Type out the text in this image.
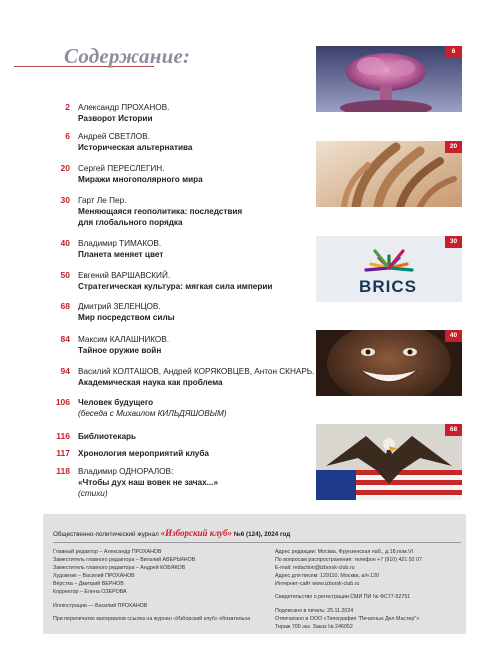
Содержание:
2 Александр ПРОХАНОВ.
Разворот Истории
6 Андрей СВЕТЛОВ.
Историческая альтернатива
20 Сергей ПЕРЕСЛЕГИН.
Миражи многополярного мира
30 Гарт Ле Пер.
Меняющаяся геополитика: последствия
для глобального порядка
40 Владимир ТИМАКОВ.
Планета меняет цвет
50 Евгений ВАРШАВСКИЙ.
Стратегическая культура: мягкая сила империи
68 Дмитрий ЗЕЛЕНЦОВ.
Мир посредством силы
84 Максим КАЛАШНИКОВ.
Тайное оружие войн
94 Василий КОЛТАШОВ, Андрей КОРЯКОВЦЕВ, Антон СКНАРЬ.
Академическая наука как проблема
106 Человек будущего
(беседа с Михаилом КИЛЬДЯШОВЫМ)
116 Библиотекарь
117 Хронология мероприятий клуба
118 Владимир ОДНОРАЛОВ:
«Чтобы дух наш вовек не зачах...»
(стихи)
6
20
BRICS
30
40
68
Общественно-политический журнал «Изборский клуб» №6 (124), 2024 год
Главный редактор – Александр ПРОХАНОВ
Заместитель главного редактора – Виталий АВЕРЬЯНОВ
Заместитель главного редактора – Андрей КОБЯКОВ
Художник – Василий ПРОХАНОВ
Вёрстка – Дмитрий ВЕРНОВ
Корректор – Елена ОЗЕРОВА
Иллюстрации — Василий ПРОХАНОВ
При перепечатке материалов ссылка на журнал «Изборский клуб» обязательна
Адрес редакции: Москва, Фрунзенская наб., д.18,пом.VI
По вопросам распространения: телефон +7 (910) 421 92 07
E-mail: redaction@izborsk-club.ru
Адрес для писем: 129110, Москва, а/я 120
Интернет-сайт www.izborsk-club.ru
Свидетельство о регистрации СМИ ПИ № ФС77-52751
Подписано в печать: 25.11.2024
Отпечатано в ООО «Типография "Печатных Дел Мастер"»
Тираж 700 экз. Заказ № 246052
